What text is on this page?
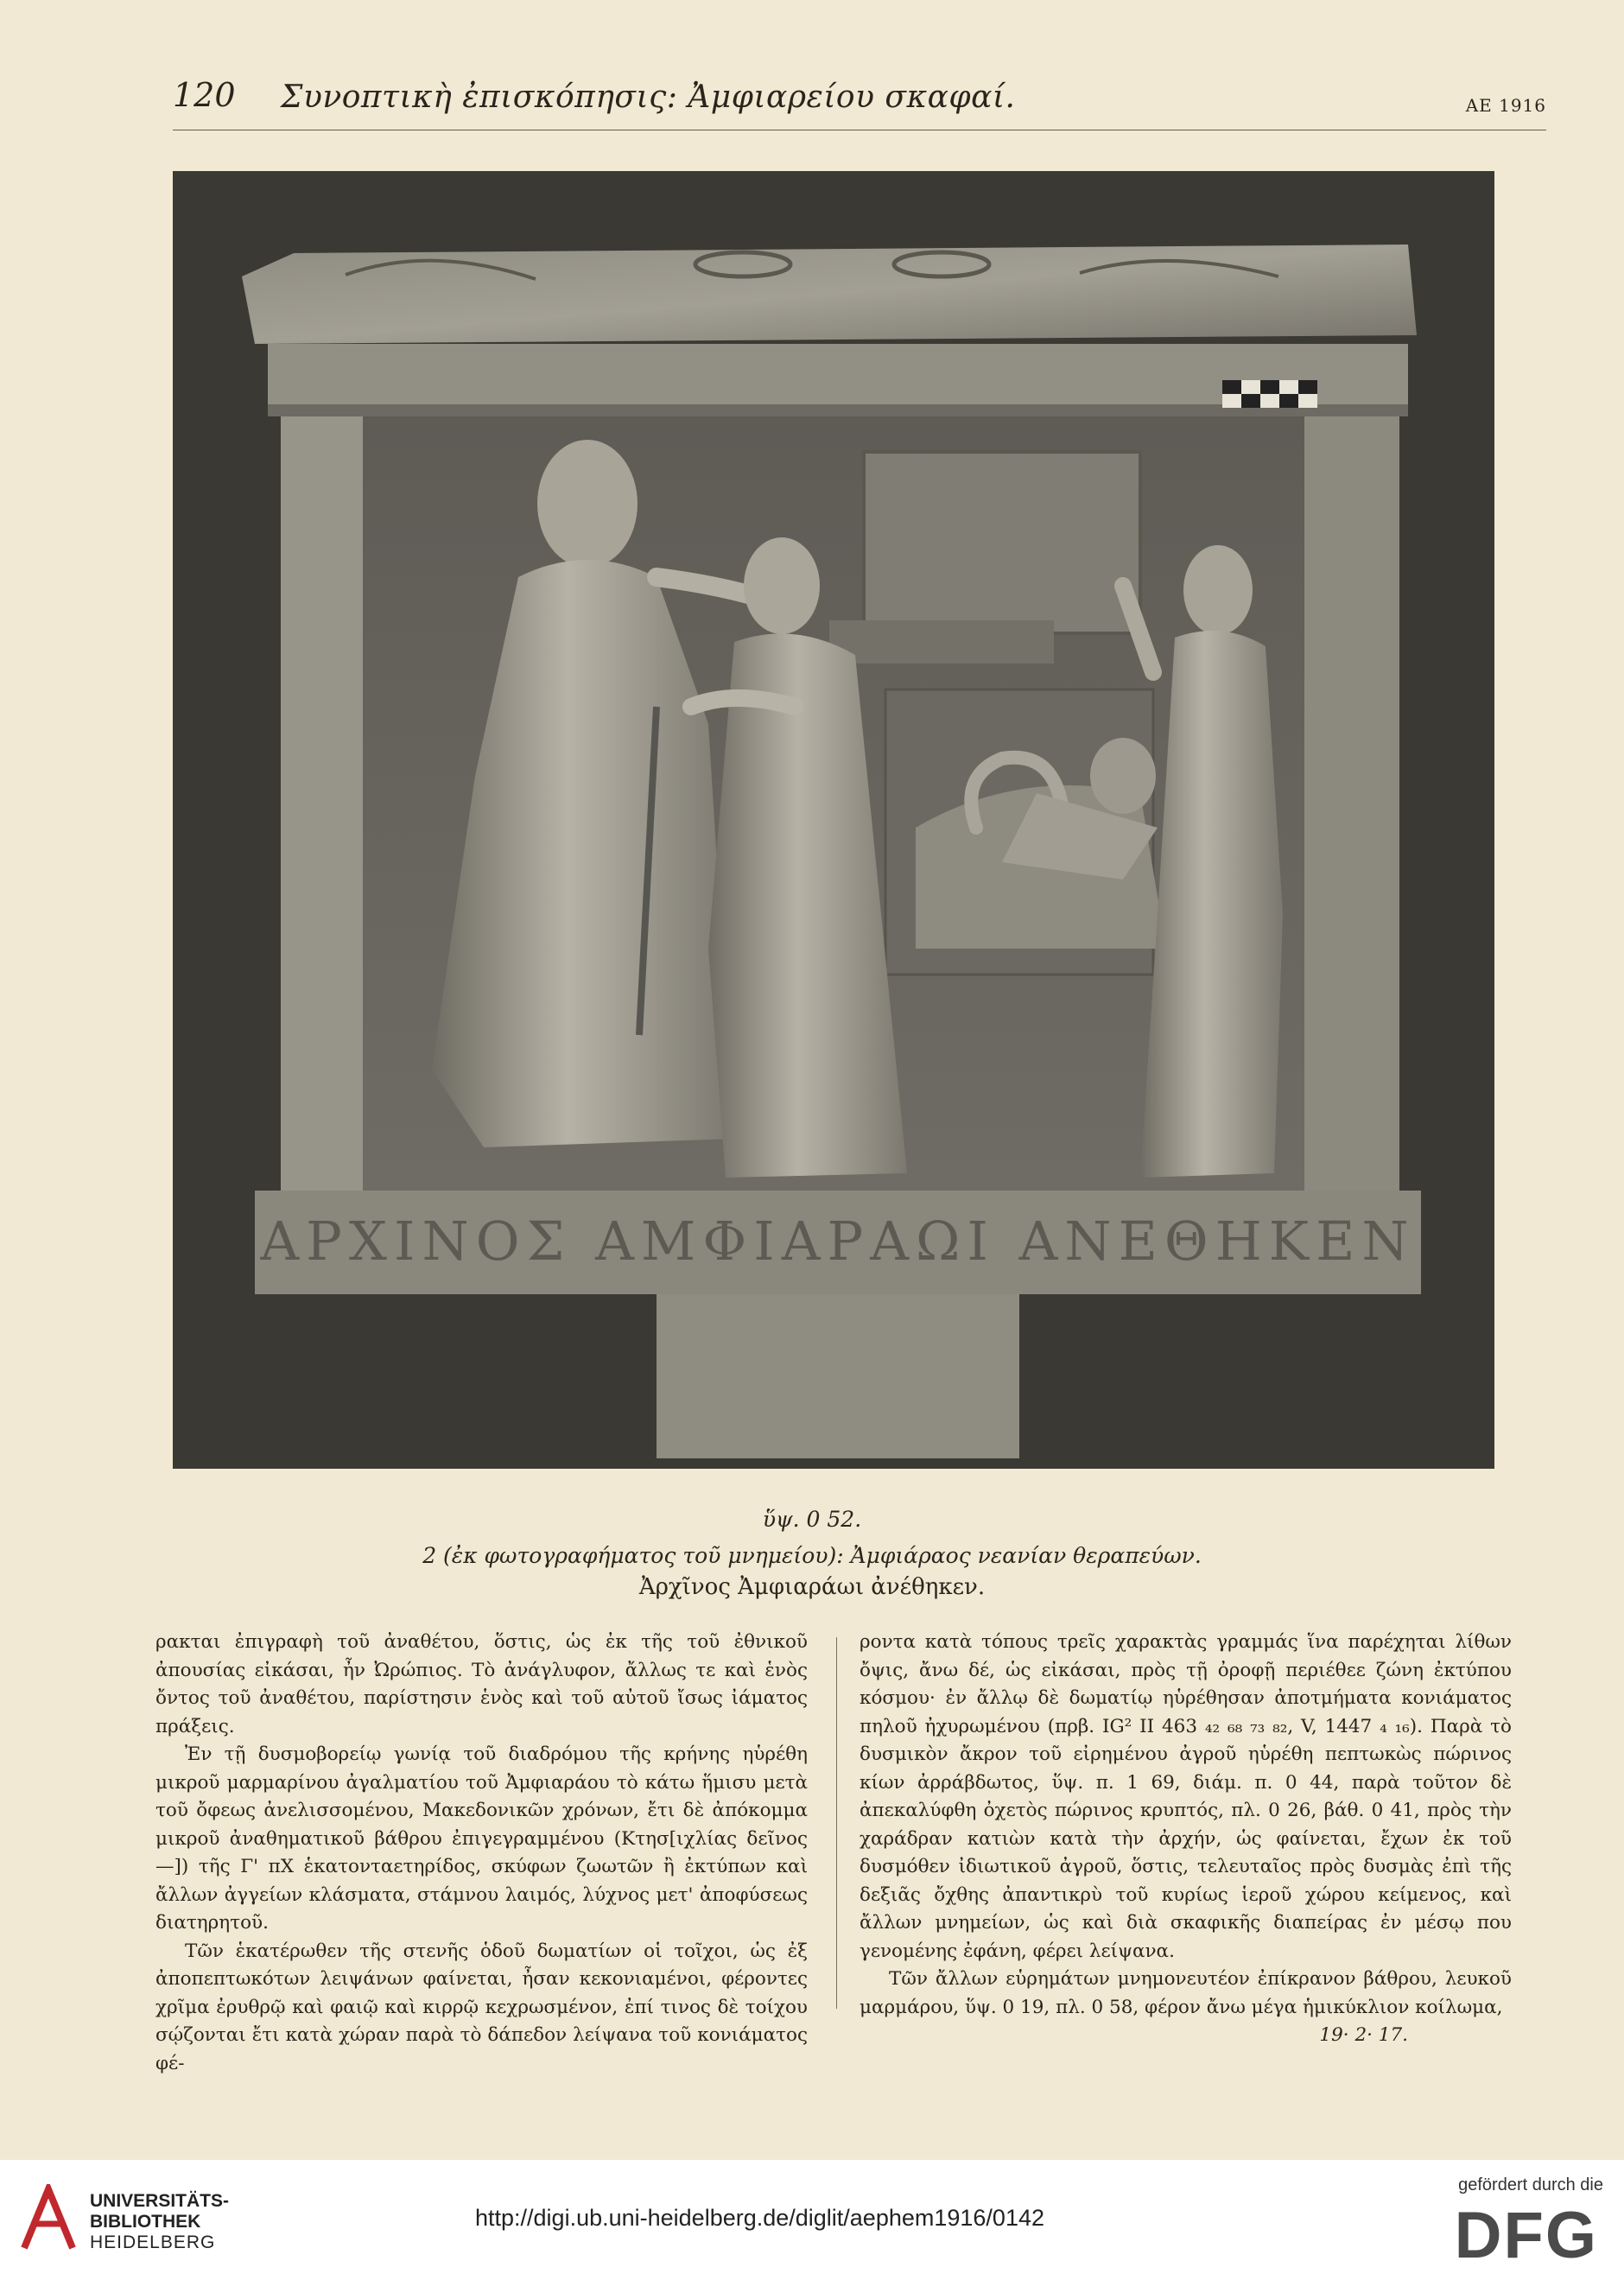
120 Συνοπτικὴ ἐπισκόπησις: Ἀμφιαρείου σκαφαί.	ΑΕ 1916
ΑΡΧΙΝΟΣ ΑΜΦΙΑΡΑΩΙ ΑΝΕΘΗΚΕΝ
ὕψ. 0 52.
2 (ἐκ φωτογραφήματος τοῦ μνημείου): Ἀμφιάραος νεανίαν θεραπεύων.
Ἀρχῖνος Ἀμφιαράωι ἀνέθηκεν.

ρακται ἐπιγραφὴ τοῦ ἀναθέτου, ὅστις, ὡς ἐκ τῆς τοῦ ἐθνικοῦ ἀπουσίας εἰκάσαι, ἦν Ὠρώπιος. Τὸ ἀνάγλυφον, ἄλλως τε καὶ ἑνὸς ὄντος τοῦ ἀναθέτου, παρίστησιν ἑνὸς καὶ τοῦ αὐτοῦ ἴσως ἰάματος πράξεις.

Ἐν τῇ δυσμοβορείῳ γωνίᾳ τοῦ διαδρόμου τῆς κρήνης ηὑρέθη μικροῦ μαρμαρίνου ἀγαλματίου τοῦ Ἀμφιαράου τὸ κάτω ἥμισυ μετὰ τοῦ ὄφεως ἀνελισσομένου, Μακεδονικῶν χρόνων, ἔτι δὲ ἀπόκομμα μικροῦ ἀναθηματικοῦ βάθρου ἐπιγεγραμμένου (Κτησ[ιχλίας δεῖνος —]) τῆς Γ' πΧ ἑκατονταετηρίδος, σκύφων ζωωτῶν ἢ ἐκτύπων καὶ ἄλλων ἀγγείων κλάσματα, στάμνου λαιμός, λύχνος μετ' ἀποφύσεως διατηρητοῦ.

Τῶν ἑκατέρωθεν τῆς στενῆς ὁδοῦ δωματίων οἱ τοῖχοι, ὡς ἐξ ἀποπεπτωκότων λειψάνων φαίνεται, ἦσαν κεκονιαμένοι, φέροντες χρῖμα ἐρυθρῷ καὶ φαιῷ καὶ κιρρῷ κεχρωσμένον, ἐπί τινος δὲ τοίχου σῴζονται ἔτι κατὰ χώραν παρὰ τὸ δάπεδον λείψανα τοῦ κονιάματος φέ-

ροντα κατὰ τόπους τρεῖς χαρακτὰς γραμμάς ἵνα παρέχηται λίθων ὄψις, ἄνω δέ, ὡς εἰκάσαι, πρὸς τῇ ὀροφῇ περιέθεε ζώνη ἐκτύπου κόσμου· ἐν ἄλλῳ δὲ δωματίῳ ηὑρέθησαν ἀποτμήματα κονιάματος πηλοῦ ἠχυρωμένου (πρβ. IG² II 463 ₄₂ ₆₈ ₇₃ ₈₂, V, 1447 ₄ ₁₆). Παρὰ τὸ δυσμικὸν ἄκρον τοῦ εἰρημένου ἀγροῦ ηὑρέθη πεπτωκὼς πώρινος κίων ἀρράβδωτος, ὕψ. π. 1 69, διάμ. π. 0 44, παρὰ τοῦτον δὲ ἀπεκαλύφθη ὀχετὸς πώρινος κρυπτός, πλ. 0 26, βάθ. 0 41, πρὸς τὴν χαράδραν κατιὼν κατὰ τὴν ἀρχήν, ὡς φαίνεται, ἔχων ἐκ τοῦ δυσμόθεν ἰδιωτικοῦ ἀγροῦ, ὅστις, τελευταῖος πρὸς δυσμὰς ἐπὶ τῆς δεξιᾶς ὄχθης ἀπαντικρὺ τοῦ κυρίως ἱεροῦ χώρου κείμενος, καὶ ἄλλων μνημείων, ὡς καὶ διὰ σκαφικῆς διαπείρας ἐν μέσῳ που γενομένης ἐφάνη, φέρει λείψανα.

Τῶν ἄλλων εὑρημάτων μνημονευτέον ἐπίκρανον βάθρου, λευκοῦ μαρμάρου, ὕψ. 0 19, πλ. 0 58, φέρον ἄνω μέγα ἡμικύκλιον κοίλωμα,

19· 2· 17.
UNIVERSITÄTS-
BIBLIOTHEK
HEIDELBERG
http://digi.ub.uni-heidelberg.de/diglit/aephem1916/0142
gefördert durch die
DFG
